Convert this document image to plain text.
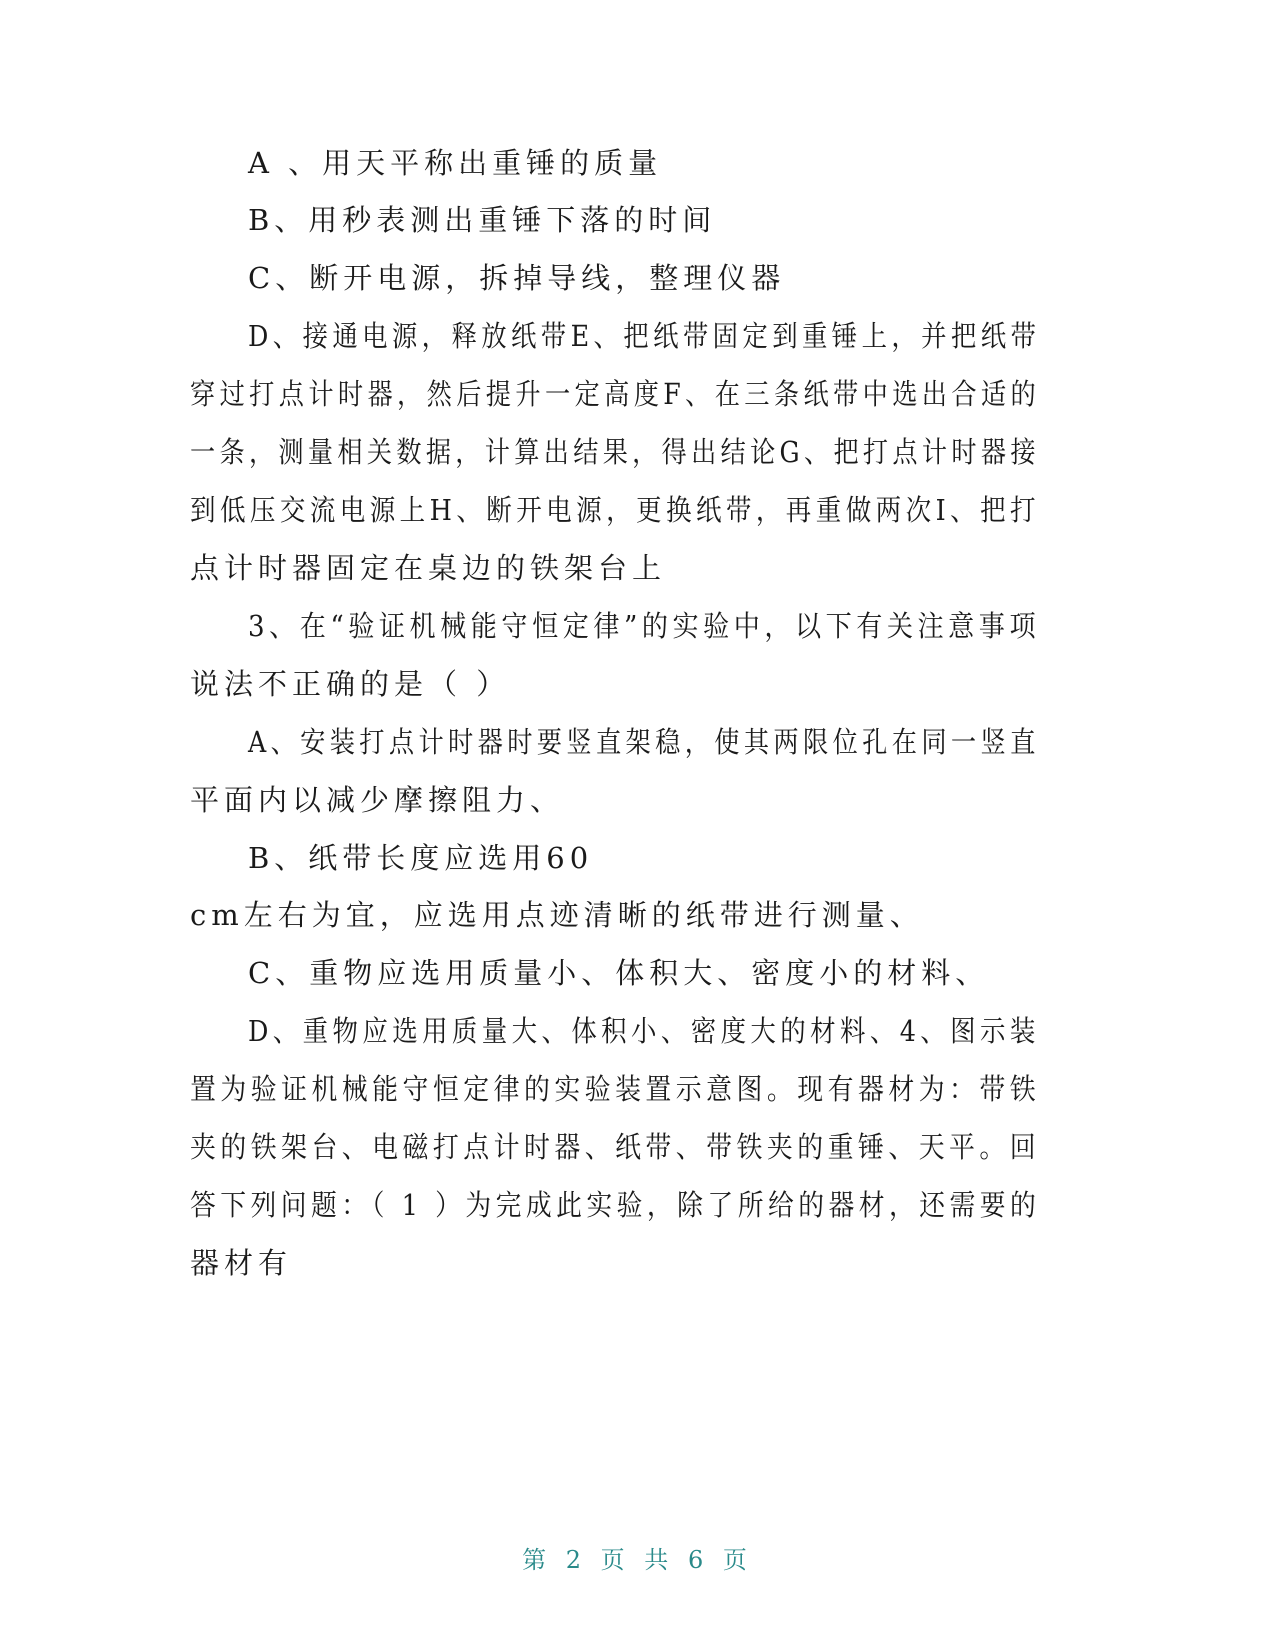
A 、用天平称出重锤的质量
B、用秒表测出重锤下落的时间
C、断开电源，拆掉导线，整理仪器
D、接通电源，释放纸带E、把纸带固定到重锤上，并把纸带
穿过打点计时器，然后提升一定高度F、在三条纸带中选出合适的
一条，测量相关数据，计算出结果，得出结论G、把打点计时器接
到低压交流电源上H、断开电源，更换纸带，再重做两次I、把打
点计时器固定在桌边的铁架台上
3、在“验证机械能守恒定律”的实验中，以下有关注意事项
说法不正确的是（ ）
A、安装打点计时器时要竖直架稳，使其两限位孔在同一竖直
平面内以减少摩擦阻力、
B、纸带长度应选用60
cm左右为宜，应选用点迹清晰的纸带进行测量、
C、重物应选用质量小、体积大、密度小的材料、
D、重物应选用质量大、体积小、密度大的材料、4、图示装
置为验证机械能守恒定律的实验装置示意图。现有器材为：带铁
夹的铁架台、电磁打点计时器、纸带、带铁夹的重锤、天平。回
答下列问题：（ 1 ）为完成此实验，除了所给的器材，还需要的
器材有
第 2 页 共 6 页
